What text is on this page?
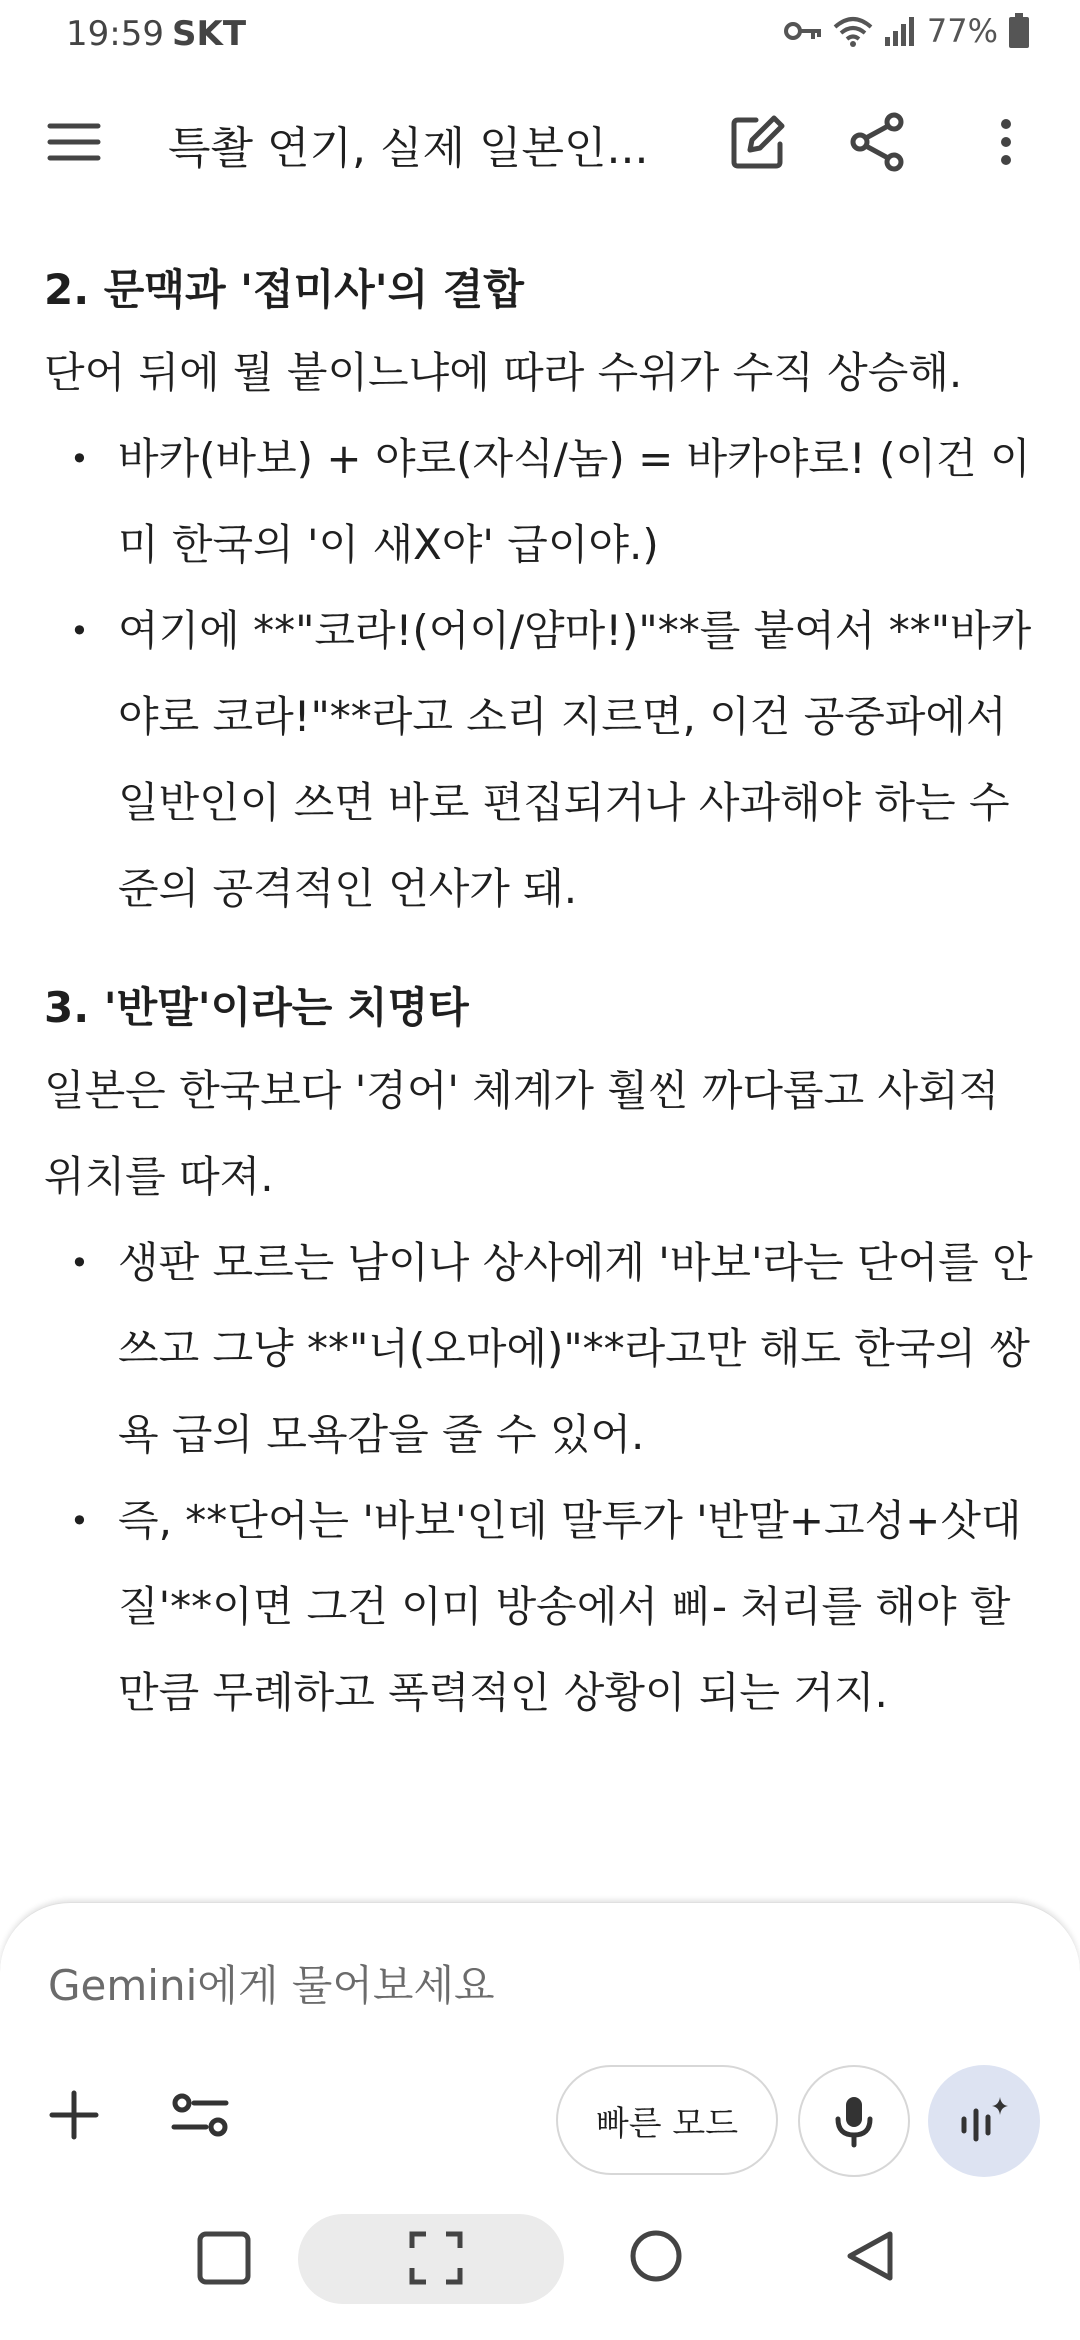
19:59 SKT	77%
특촬 연기, 실제 일본인...

2. 문맥과 '접미사'의 결합

단어 뒤에 뭘 붙이느냐에 따라 수위가 수직 상승해.

• 바카(바보) + 야로(자식/놈) = 바카야로! (이건 이미 한국의 '이 새X야' 급이야.)
• 여기에 **"코라!(어이/얌마!)"**를 붙여서 **"바카야로 코라!"**라고 소리 지르면, 이건 공중파에서 일반인이 쓰면 바로 편집되거나 사과해야 하는 수준의 공격적인 언사가 돼.

3. '반말'이라는 치명타

일본은 한국보다 '경어' 체계가 훨씬 까다롭고 사회적 위치를 따져.

• 생판 모르는 남이나 상사에게 '바보'라는 단어를 안 쓰고 그냥 **"너(오마에)"**라고만 해도 한국의 쌍욕 급의 모욕감을 줄 수 있어.
• 즉, **단어는 '바보'인데 말투가 '반말+고성+삿대질'**이면 그건 이미 방송에서 삐- 처리를 해야 할 만큼 무례하고 폭력적인 상황이 되는 거지.
Gemini에게 물어보세요
빠른 모드
